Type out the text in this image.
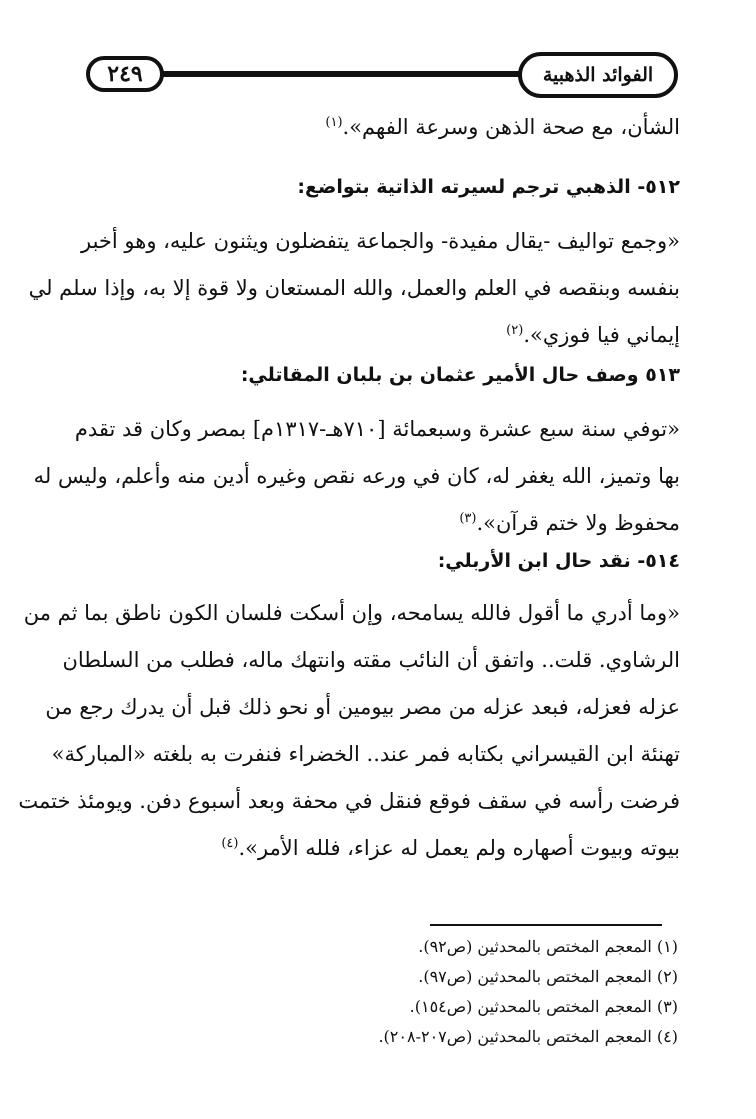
٢٤٩	الفوائد الذهبية
الشأن، مع صحة الذهن وسرعة الفهم».$^{(١)}$
٥١٢- الذهبي ترجم لسيرته الذاتية بتواضع:
«وجمع تواليف -يقال مفيدة- والجماعة يتفضلون ويثنون عليه، وهو أخبر
بنفسه وبنقصه في العلم والعمل، والله المستعان ولا قوة إلا به، وإذا سلم لي
إيماني فيا فوزي».$^{(٢)}$
٥١٣ وصف حال الأمير عثمان بن بلبان المقاتلي:
«توفي سنة سبع عشرة وسبعمائة [٧١٠هـ-١٣١٧م] بمصر وكان قد تقدم
بها وتميز، الله يغفر له، كان في ورعه نقص وغيره أدين منه وأعلم، وليس له
محفوظ ولا ختم قرآن».$^{(٣)}$
٥١٤- نقد حال ابن الأربلي:
«وما أدري ما أقول فالله يسامحه، وإن أسكت فلسان الكون ناطق بما ثم من
الرشاوي. قلت.. واتفق أن النائب مقته وانتهك ماله، فطلب من السلطان
عزله فعزله، فبعد عزله من مصر بيومين أو نحو ذلك قبل أن يدرك رجع من
تهنئة ابن القيسراني بكتابه فمر عند.. الخضراء فنفرت به بلغته «المباركة»
فرضت رأسه في سقف فوقع فنقل في محفة وبعد أسبوع دفن. ويومئذ ختمت
بيوته وبيوت أصهاره ولم يعمل له عزاء، فلله الأمر».$^{(٤)}$
(١) المعجم المختص بالمحدثين (ص٩٢).
(٢) المعجم المختص بالمحدثين (ص٩٧).
(٣) المعجم المختص بالمحدثين (ص١٥٤).
(٤) المعجم المختص بالمحدثين (ص٢٠٧-٢٠٨).
